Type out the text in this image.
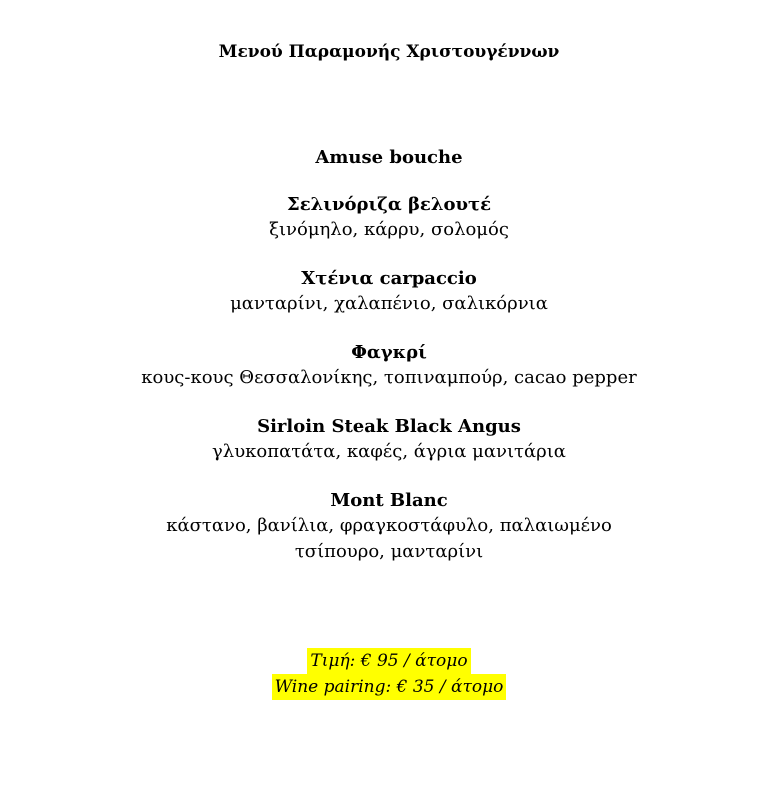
Μενού Παραμονής Χριστουγέννων
Amuse bouche
Σελινόριζα βελουτέ
ξινόμηλο, κάρρυ, σολομός
Χτένια carpaccio
μανταρίνι, χαλαπένιο, σαλικόρνια
Φαγκρί
κους-κους Θεσσαλονίκης, τοπιναμπούρ, cacao pepper
Sirloin Steak Black Angus
γλυκοπατάτα, καφές, άγρια μανιτάρια
Mont Blanc
κάστανο, βανίλια, φραγκοστάφυλο, παλαιωμένο τσίπουρο, μανταρίνι
Τιμή: € 95 / άτομο
Wine pairing: € 35 / άτομο
